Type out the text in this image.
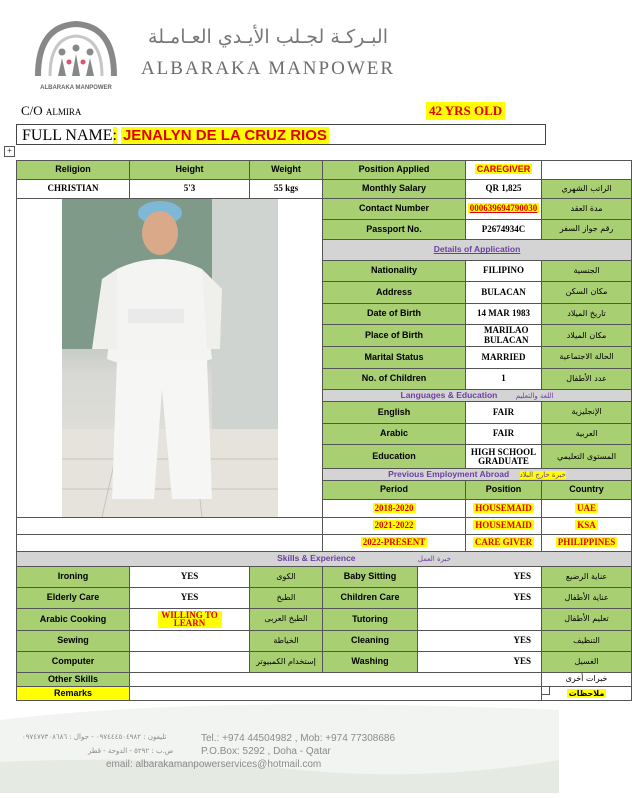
ALBARAKA MANPOWER
البـركـة لجـلب الأيـدي العـامـلة
ALBARAKA MANPOWER
C/O ALMIRA	42 YRS OLD
FULL NAME: JENALYN DE LA CRUZ RIOS
+
Religion	Height	Weight	Position Applied		CAREGIVER	
CHRISTIAN	5'3	55 kgs	Monthly Salary		QR 1,825	الراتب الشهري

	Contact Number		000639694790030	مدة العقد
			Passport No.		P2674934C	رقم جواز السفر
			Details of Application			
			Nationality		FILIPINO	الجنسية
			Address		BULACAN	مكان السكن
			Date of Birth		14 MAR 1983	تاريخ الميلاد
			Place of Birth		MARILAO BULACAN	مكان الميلاد
			Marital Status		MARRIED	الحالة الاجتماعية
			No. of Children		1	عدد الأطفال
			Languages & Education اللغة والتعليم			
			English		FAIR	الإنجليزية
			Arabic		FAIR	العربية
			Education		HIGH SCHOOL GRADUATE	المستوى التعليمي
			Previous Employment Abroad خبرة خارج البلاد			
			Period		Position	Country
			2018-2020		HOUSEMAID	UAE
			2021-2022		HOUSEMAID	KSA
			2022-PRESENT		CARE GIVER	PHILIPPINES
Skills & Experience خبرة العمل						
Ironing	YES	الكوى	Baby Sitting	YES		عناية الرضيع
Elderly Care	YES	الطبخ	Children Care	YES		عناية الأطفال
Arabic Cooking	WILLING TO LEARN	الطبخ العربى	Tutoring			تعليم الأطفال
Sewing		الخياطة	Cleaning	YES		التنظيف
Computer		إستخدام الكمبيوتر	Washing	YES		الغسيل
Other Skills						خبرات أخرى
Remarks						ملاحظات
تليفون : ٠٩٧٤٤٤٥٠٤٩٨٢ - جوال : ٠٩٧٤٧٧٣٠٨٦٨٦	Tel.: +974 44504982 , Mob: +974 77308686
ص.ب : ٥٢٩٢ - الدوحة - قطر	P.O.Box: 5292 , Doha - Qatar
email: albarakamanpowerservices@hotmail.com
